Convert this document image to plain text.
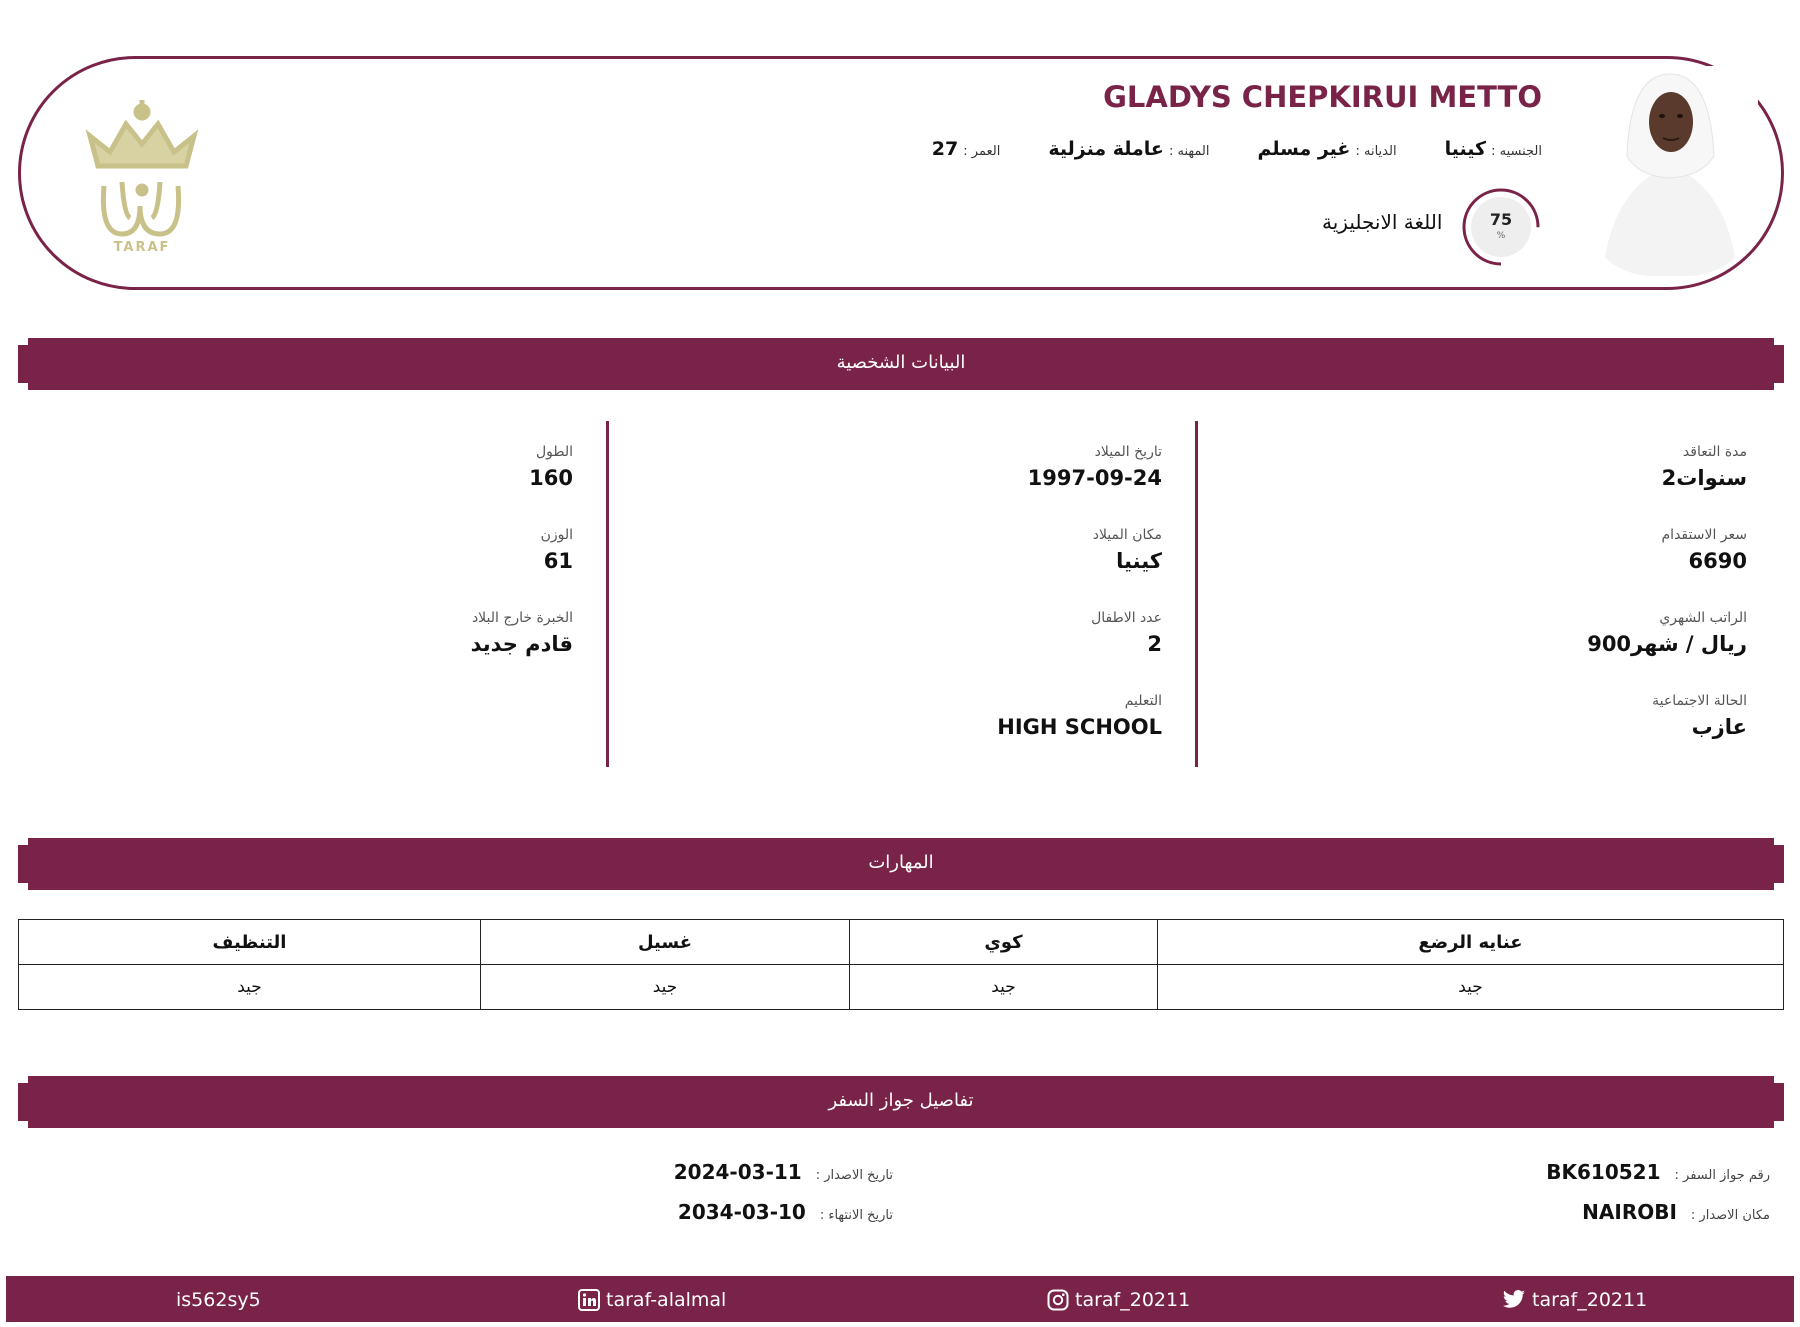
GLADYS CHEPKIRUI METTO
الجنسيه : كينيا
الديانه : غير مسلم
المهنه : عاملة منزلية
العمر : 27
75
%
اللغة الانجليزية
TARAF
البيانات الشخصية
مدة التعاقد
2سنوات
سعر الاستقدام
6690
الراتب الشهري
900ريال / شهر
الحالة الاجتماعية
عازب
تاريخ الميلاد
1997-09-24
مكان الميلاد
كينيا
عدد الاطفال
2
التعليم
HIGH SCHOOL
الطول
160
الوزن
61
الخبرة خارج البلاد
قادم جديد
المهارات
عنايه الرضع	كوي	غسيل	التنظيف
جيد	جيد	جيد	جيد
تفاصيل جواز السفر
رقم جواز السفر :
BK610521
مكان الاصدار :
NAIROBI
تاريخ الاصدار :
2024-03-11
تاريخ الانتهاء :
2034-03-10
is562sy5	taraf-alalmal	taraf_20211	taraf_20211
